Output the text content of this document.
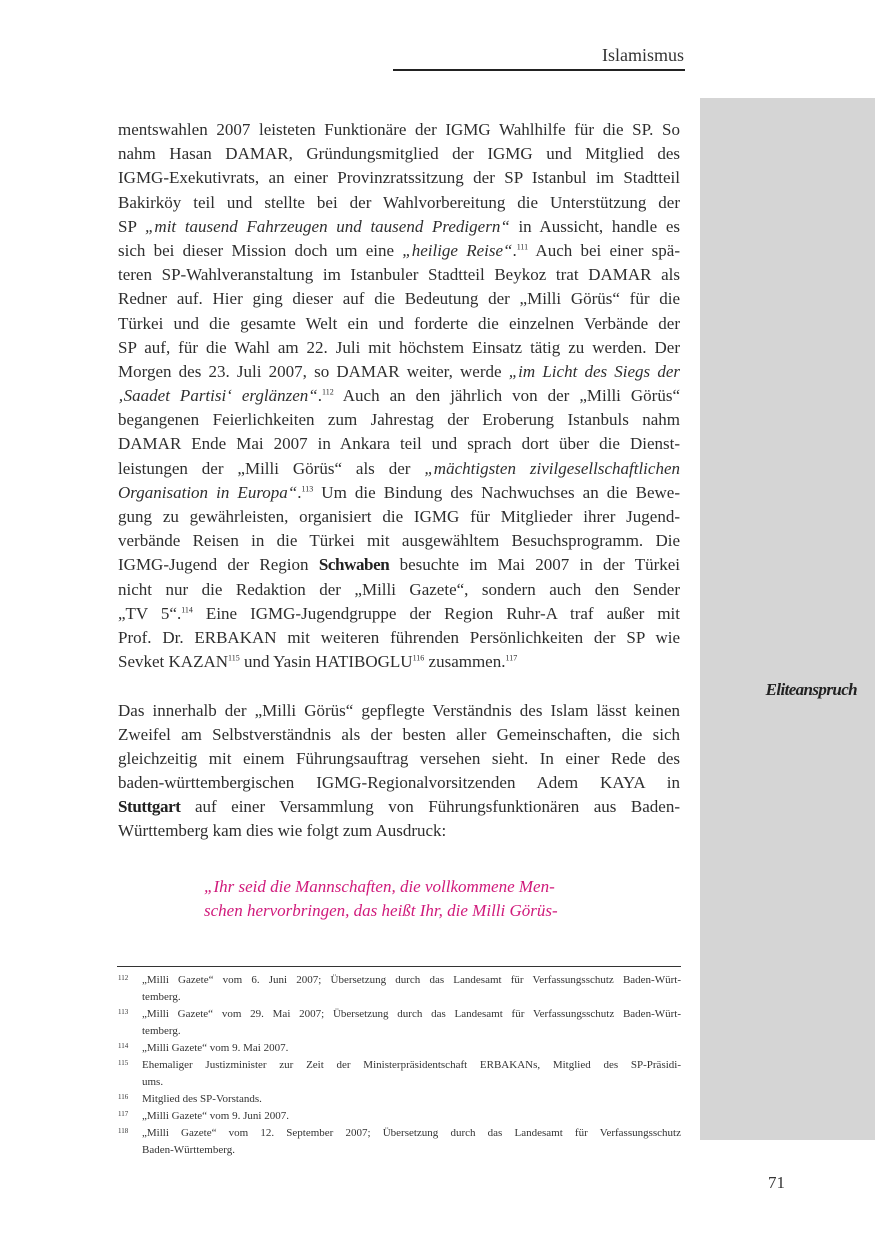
Islamismus
Eliteanspruch
mentswahlen 2007 leisteten Funktionäre der IGMG Wahlhilfe für die SP. So
nahm Hasan DAMAR, Gründungsmitglied der IGMG und Mitglied des
IGMG-Exekutivrats, an einer Provinzratssitzung der SP Istanbul im Stadtteil
Bakirköy teil und stellte bei der Wahlvorbereitung die Unterstützung der
SP „mit tausend Fahrzeugen und tausend Predigern“ in Aussicht, handle es
sich bei dieser Mission doch um eine „heilige Reise“.$^{111}$ Auch bei einer spä-
teren SP-Wahlveranstaltung im Istanbuler Stadtteil Beykoz trat DAMAR als
Redner auf. Hier ging dieser auf die Bedeutung der „Milli Görüs“ für die
Türkei und die gesamte Welt ein und forderte die einzelnen Verbände der
SP auf, für die Wahl am 22. Juli mit höchstem Einsatz tätig zu werden. Der
Morgen des 23. Juli 2007, so DAMAR weiter, werde „im Licht des Siegs der
‚Saadet Partisi‘ erglänzen“.$^{112}$ Auch an den jährlich von der „Milli Görüs“
begangenen Feierlichkeiten zum Jahrestag der Eroberung Istanbuls nahm
DAMAR Ende Mai 2007 in Ankara teil und sprach dort über die Dienst-
leistungen der „Milli Görüs“ als der „mächtigsten zivilgesellschaftlichen
Organisation in Europa“.$^{113}$ Um die Bindung des Nachwuchses an die Bewe-
gung zu gewährleisten, organisiert die IGMG für Mitglieder ihrer Jugend-
verbände Reisen in die Türkei mit ausgewähltem Besuchsprogramm. Die
IGMG-Jugend der Region Schwaben besuchte im Mai 2007 in der Türkei
nicht nur die Redaktion der „Milli Gazete“, sondern auch den Sender
„TV 5“.$^{114}$ Eine IGMG-Jugendgruppe der Region Ruhr-A traf außer mit
Prof. Dr. ERBAKAN mit weiteren führenden Persönlichkeiten der SP wie
Sevket KAZAN$^{115}$ und Yasin HATIBOGLU$^{116}$ zusammen.$^{117}$
Das innerhalb der „Milli Görüs“ gepflegte Verständnis des Islam lässt keinen
Zweifel am Selbstverständnis als der besten aller Gemeinschaften, die sich
gleichzeitig mit einem Führungsauftrag versehen sieht. In einer Rede des
baden-württembergischen IGMG-Regionalvorsitzenden Adem KAYA in
Stuttgart auf einer Versammlung von Führungsfunktionären aus Baden-
Württemberg kam dies wie folgt zum Ausdruck:
„Ihr seid die Mannschaften, die vollkommene Men-
schen hervorbringen, das heißt Ihr, die Milli Görüs-
112	„Milli Gazete“ vom 6. Juni 2007; Übersetzung durch das Landesamt für Verfassungsschutz Baden-Würt-
temberg.
113	„Milli Gazete“ vom 29. Mai 2007; Übersetzung durch das Landesamt für Verfassungsschutz Baden-Würt-
temberg.
114	„Milli Gazete“ vom 9. Mai 2007.
115	Ehemaliger Justizminister zur Zeit der Ministerpräsidentschaft ERBAKANs, Mitglied des SP-Präsidi-
ums.
116	Mitglied des SP-Vorstands.
117	„Milli Gazete“ vom 9. Juni 2007.
118	„Milli Gazete“ vom 12. September 2007; Übersetzung durch das Landesamt für Verfassungsschutz
Baden-Württemberg.
71
